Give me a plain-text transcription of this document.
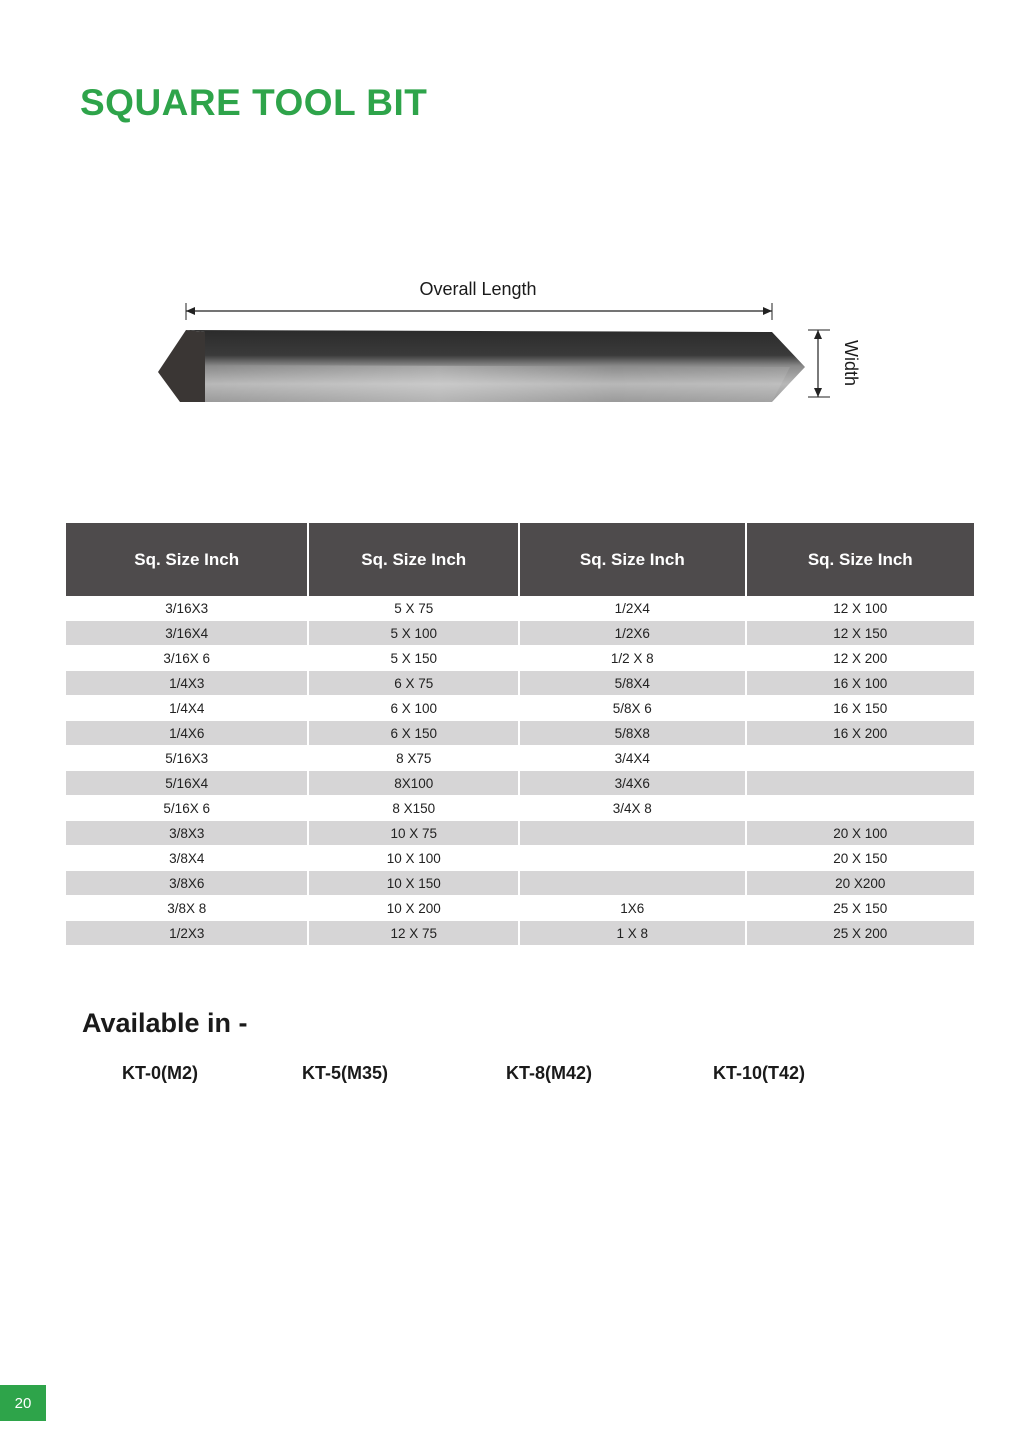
SQUARE TOOL BIT
Overall Length
Width
Sq. Size Inch	Sq. Size Inch	Sq. Size Inch	Sq. Size Inch
3/16X3	5 X 75	1/2X4	12 X 100
3/16X4	5 X 100	1/2X6	12 X 150
3/16X 6	5 X 150	1/2 X 8	12 X 200
1/4X3	6 X 75	5/8X4	16 X 100
1/4X4	6 X 100	5/8X 6	16 X 150
1/4X6	6 X 150	5/8X8	16 X 200
5/16X3	8 X75	3/4X4	
5/16X4	8X100	3/4X6	
5/16X 6	8 X150	3/4X 8	
3/8X3	10 X 75		20 X 100
3/8X4	10 X 100		20 X 150
3/8X6	10 X 150		20 X200
3/8X 8	10 X 200	1X6	25 X 150
1/2X3	12 X 75	1 X 8	25 X 200
Available in -
KT-0(M2)	KT-5(M35)	KT-8(M42)	KT-10(T42)
20
